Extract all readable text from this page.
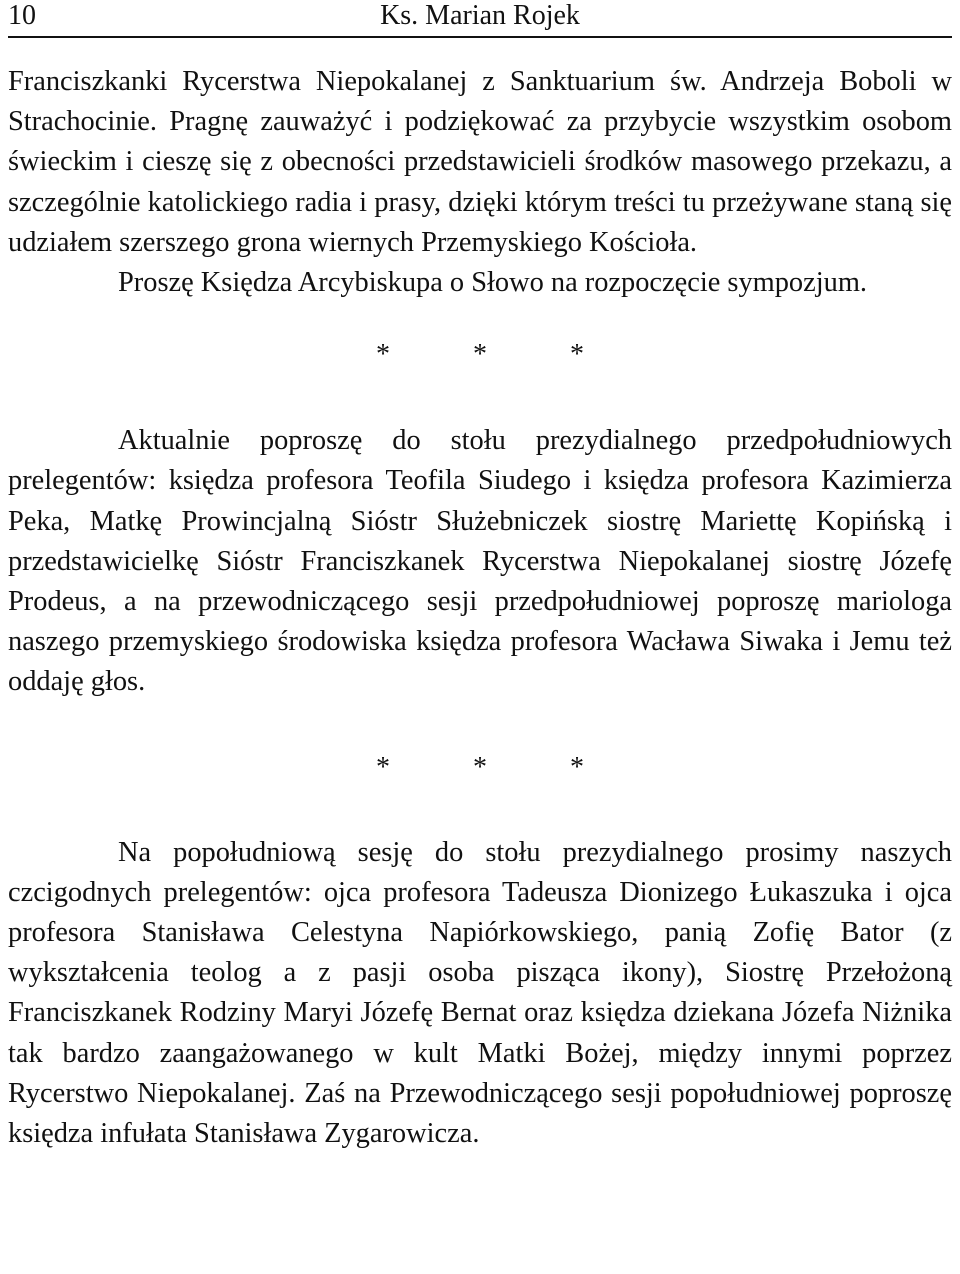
10	Ks. Marian Rojek

Franciszkanki Rycerstwa Niepokalanej z Sanktuarium św. Andrzeja Boboli w Strachocinie. Pragnę zauważyć i podziękować za przybycie wszystkim osobom świeckim i cieszę się z obecności przedstawicieli środków masowego przekazu, a szczególnie katolickiego radia i prasy, dzięki którym treści tu przeżywane staną się udziałem szerszego grona wiernych Przemyskiego Kościoła.

Proszę Księdza Arcybiskupa o Słowo na rozpoczęcie sympozjum.

* * *

Aktualnie poproszę do stołu prezydialnego przedpołudniowych prelegentów: księdza profesora Teofila Siudego i księdza profesora Kazimierza Peka, Matkę Prowincjalną Sióstr Służebniczek siostrę Mariettę Kopińską i przedstawicielkę Sióstr Franciszkanek Rycerstwa Niepokalanej siostrę Józefę Prodeus, a na przewodniczącego sesji przedpołudniowej poproszę mariologa naszego przemyskiego środowiska księdza profesora Wacława Siwaka i Jemu też oddaję głos.

* * *

Na popołudniową sesję do stołu prezydialnego prosimy naszych czcigodnych prelegentów: ojca profesora Tadeusza Dionizego Łukaszuka i ojca profesora Stanisława Celestyna Napiórkowskiego, panią Zofię Bator (z wykształcenia teolog a z pasji osoba pisząca ikony), Siostrę Przełożoną Franciszkanek Rodziny Maryi Józefę Bernat oraz księdza dziekana Józefa Niżnika tak bardzo zaangażowanego w kult Matki Bożej, między innymi poprzez Rycerstwo Niepokalanej. Zaś na Przewodniczącego sesji popołudniowej poproszę księdza infułata Stanisława Zygarowicza.
